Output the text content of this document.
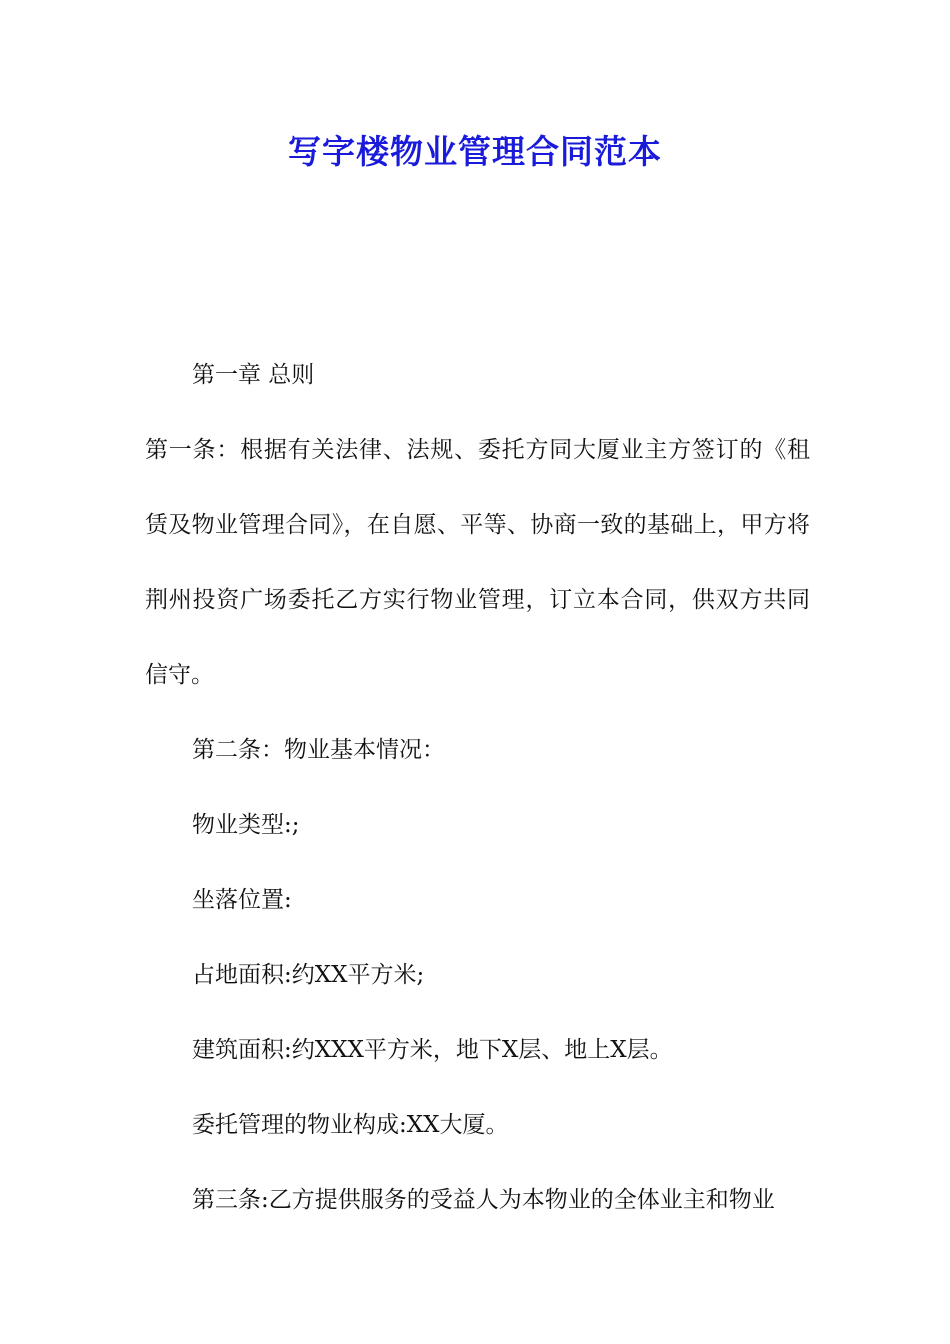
写字楼物业管理合同范本

第一章 总则

第一条：根据有关法律、法规、委托方同大厦业主方签订的《租赁及物业管理合同》，在自愿、平等、协商一致的基础上，甲方将荆州投资广场委托乙方实行物业管理，订立本合同，供双方共同信守。

第二条：物业基本情况：

物业类型:;

坐落位置:

占地面积:约XX平方米;

建筑面积:约XXX平方米，地下X层、地上X层。

委托管理的物业构成:XX大厦。

第三条:乙方提供服务的受益人为本物业的全体业主和物业
